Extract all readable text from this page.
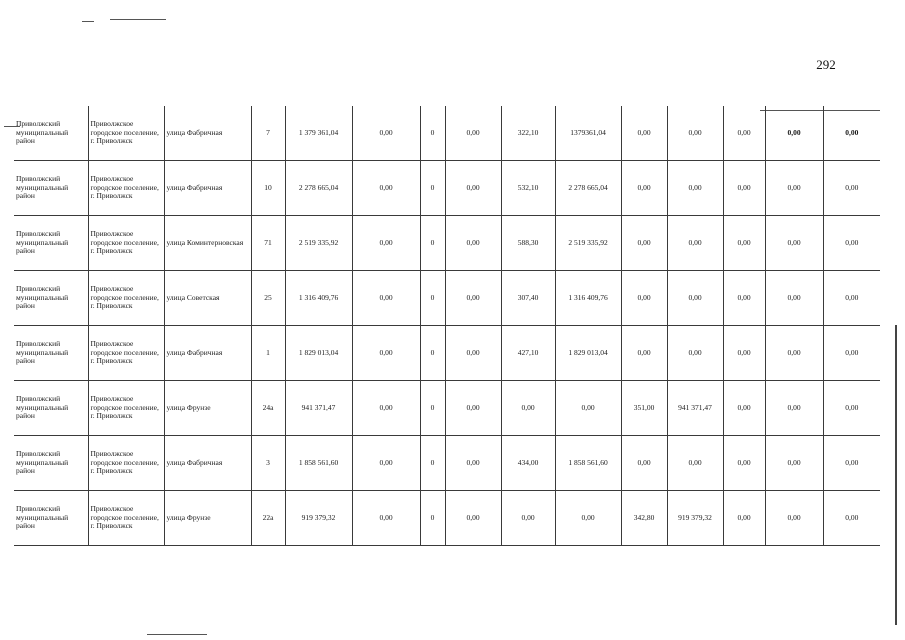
292
Приволжский муниципальный район	Приволжское городское поселение, г. Приволжск	улица Фабричная	7	1 379 361,04	0,00	0	0,00	322,10	1379361,04	0,00	0,00	0,00	0,00	0,00
Приволжский муниципальный район	Приволжское городское поселение, г. Приволжск	улица Фабричная	10	2 278 665,04	0,00	0	0,00	532,10	2 278 665,04	0,00	0,00	0,00	0,00	0,00
Приволжский муниципальный район	Приволжское городское поселение, г. Приволжск	улица Коминтерновская	71	2 519 335,92	0,00	0	0,00	588,30	2 519 335,92	0,00	0,00	0,00	0,00	0,00
Приволжский муниципальный район	Приволжское городское поселение, г. Приволжск	улица Советская	25	1 316 409,76	0,00	0	0,00	307,40	1 316 409,76	0,00	0,00	0,00	0,00	0,00
Приволжский муниципальный район	Приволжское городское поселение, г. Приволжск	улица Фабричная	1	1 829 013,04	0,00	0	0,00	427,10	1 829 013,04	0,00	0,00	0,00	0,00	0,00
Приволжский муниципальный район	Приволжское городское поселение, г. Приволжск	улица Фрунзе	24а	941 371,47	0,00	0	0,00	0,00	0,00	351,00	941 371,47	0,00	0,00	0,00
Приволжский муниципальный район	Приволжское городское поселение, г. Приволжск	улица Фабричная	3	1 858 561,60	0,00	0	0,00	434,00	1 858 561,60	0,00	0,00	0,00	0,00	0,00
Приволжский муниципальный район	Приволжское городское поселение, г. Приволжск	улица Фрунзе	22а	919 379,32	0,00	0	0,00	0,00	0,00	342,80	919 379,32	0,00	0,00	0,00
